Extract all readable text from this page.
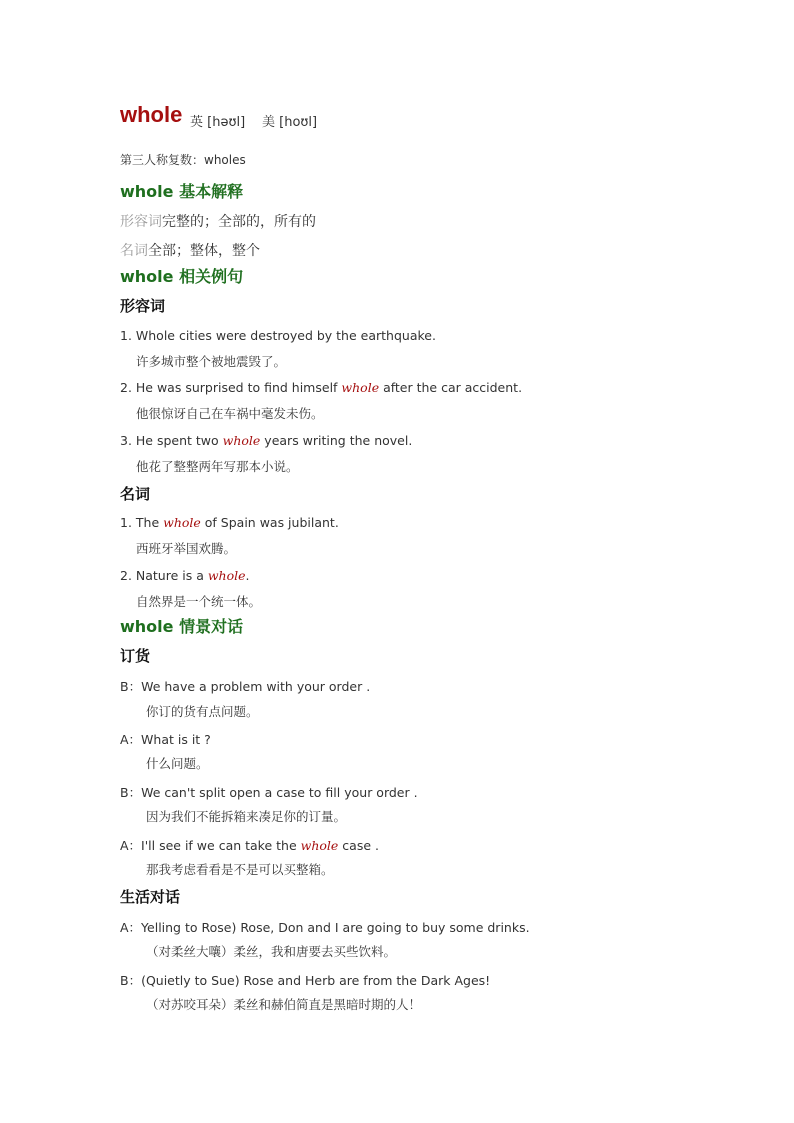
whole 英 [həʊl] 美 [hoʊl]
第三人称复数：wholes
whole 基本解释
形容词完整的；全部的，所有的
名词全部；整体，整个
whole 相关例句
形容词
1. Whole cities were destroyed by the earthquake.
许多城市整个被地震毁了。
2. He was surprised to find himself whole after the car accident.
他很惊讶自己在车祸中毫发未伤。
3. He spent two whole years writing the novel.
他花了整整两年写那本小说。
名词
1. The whole of Spain was jubilant.
西班牙举国欢腾。
2. Nature is a whole.
自然界是一个统一体。
whole 情景对话
订货
B：We have a problem with your order .
你订的货有点问题。
A：What is it ?
什么问题。
B：We can't split open a case to fill your order .
因为我们不能拆箱来凑足你的订量。
A：I'll see if we can take the whole case .
那我考虑看看是不是可以买整箱。
生活对话
A：Yelling to Rose) Rose, Don and I are going to buy some drinks.
（对柔丝大嚷）柔丝，我和唐要去买些饮料。
B：(Quietly to Sue) Rose and Herb are from the Dark Ages!
（对苏咬耳朵）柔丝和赫伯简直是黑暗时期的人！
